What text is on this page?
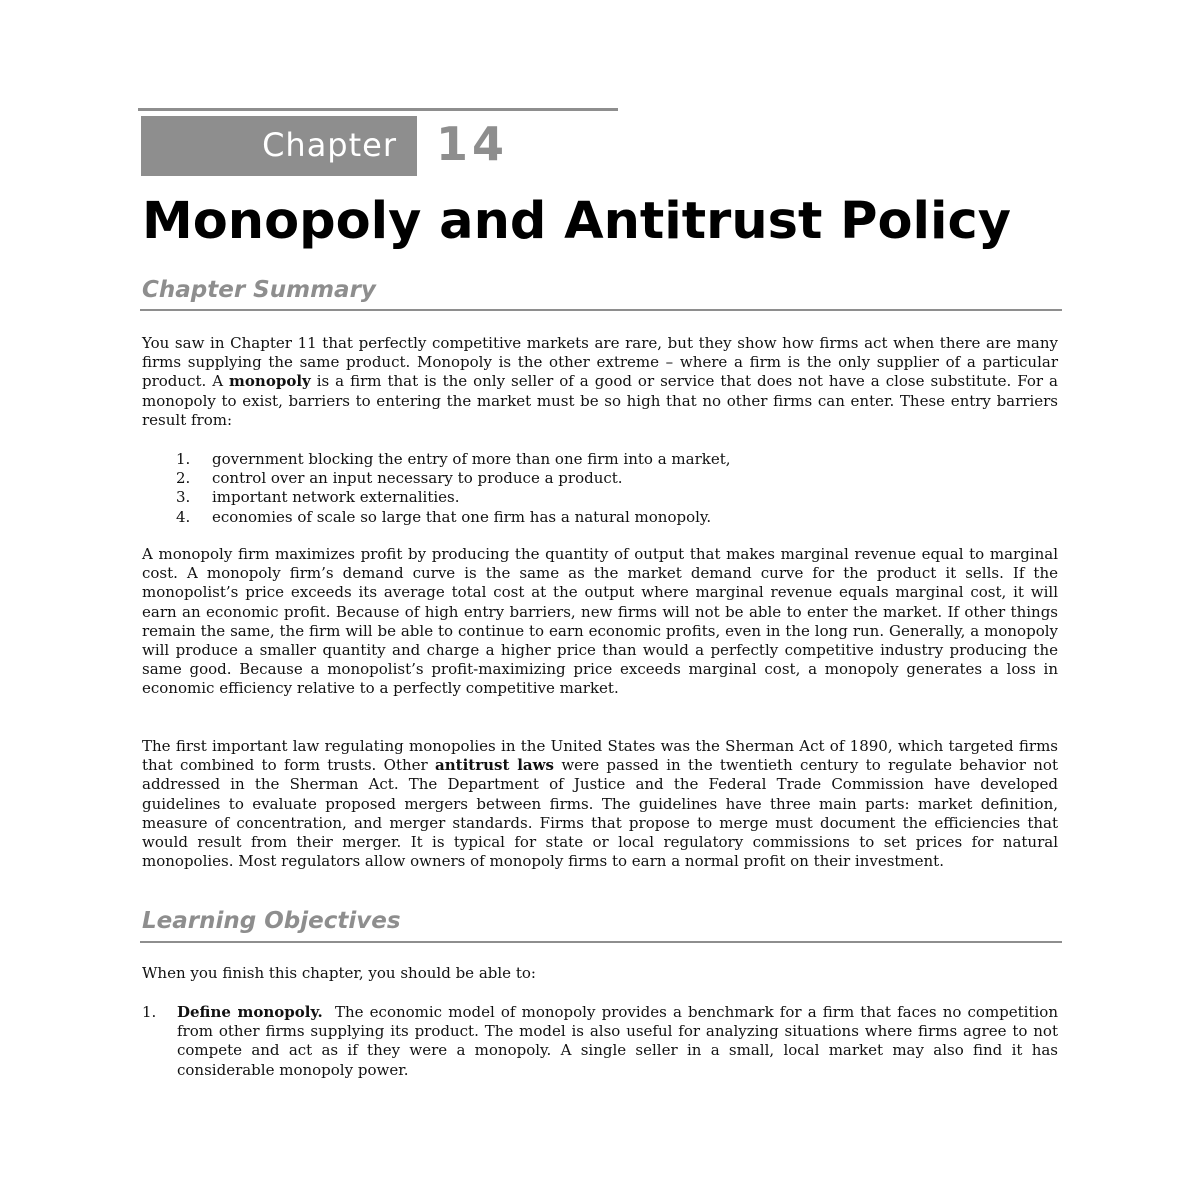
Chapter 14
Monopoly and Antitrust Policy
Chapter Summary
You saw in Chapter 11 that perfectly competitive markets are rare, but they show how firms act when there are many firms supplying the same product. Monopoly is the other extreme – where a firm is the only supplier of a particular product. A monopoly is a firm that is the only seller of a good or service that does not have a close substitute. For a monopoly to exist, barriers to entering the market must be so high that no other firms can enter. These entry barriers result from:
1. government blocking the entry of more than one firm into a market,
2. control over an input necessary to produce a product.
3. important network externalities.
4. economies of scale so large that one firm has a natural monopoly.
A monopoly firm maximizes profit by producing the quantity of output that makes marginal revenue equal to marginal cost. A monopoly firm’s demand curve is the same as the market demand curve for the product it sells. If the monopolist’s price exceeds its average total cost at the output where marginal revenue equals marginal cost, it will earn an economic profit. Because of high entry barriers, new firms will not be able to enter the market. If other things remain the same, the firm will be able to continue to earn economic profits, even in the long run. Generally, a monopoly will produce a smaller quantity and charge a higher price than would a perfectly competitive industry producing the same good. Because a monopolist’s profit-maximizing price exceeds marginal cost, a monopoly generates a loss in economic efficiency relative to a perfectly competitive market.
The first important law regulating monopolies in the United States was the Sherman Act of 1890, which targeted firms that combined to form trusts. Other antitrust laws were passed in the twentieth century to regulate behavior not addressed in the Sherman Act. The Department of Justice and the Federal Trade Commission have developed guidelines to evaluate proposed mergers between firms. The guidelines have three main parts: market definition, measure of concentration, and merger standards. Firms that propose to merge must document the efficiencies that would result from their merger. It is typical for state or local regulatory commissions to set prices for natural monopolies. Most regulators allow owners of monopoly firms to earn a normal profit on their investment.
Learning Objectives
When you finish this chapter, you should be able to:
1. Define monopoly. The economic model of monopoly provides a benchmark for a firm that faces no competition from other firms supplying its product. The model is also useful for analyzing situations where firms agree to not compete and act as if they were a monopoly. A single seller in a small, local market may also find it has considerable monopoly power.
